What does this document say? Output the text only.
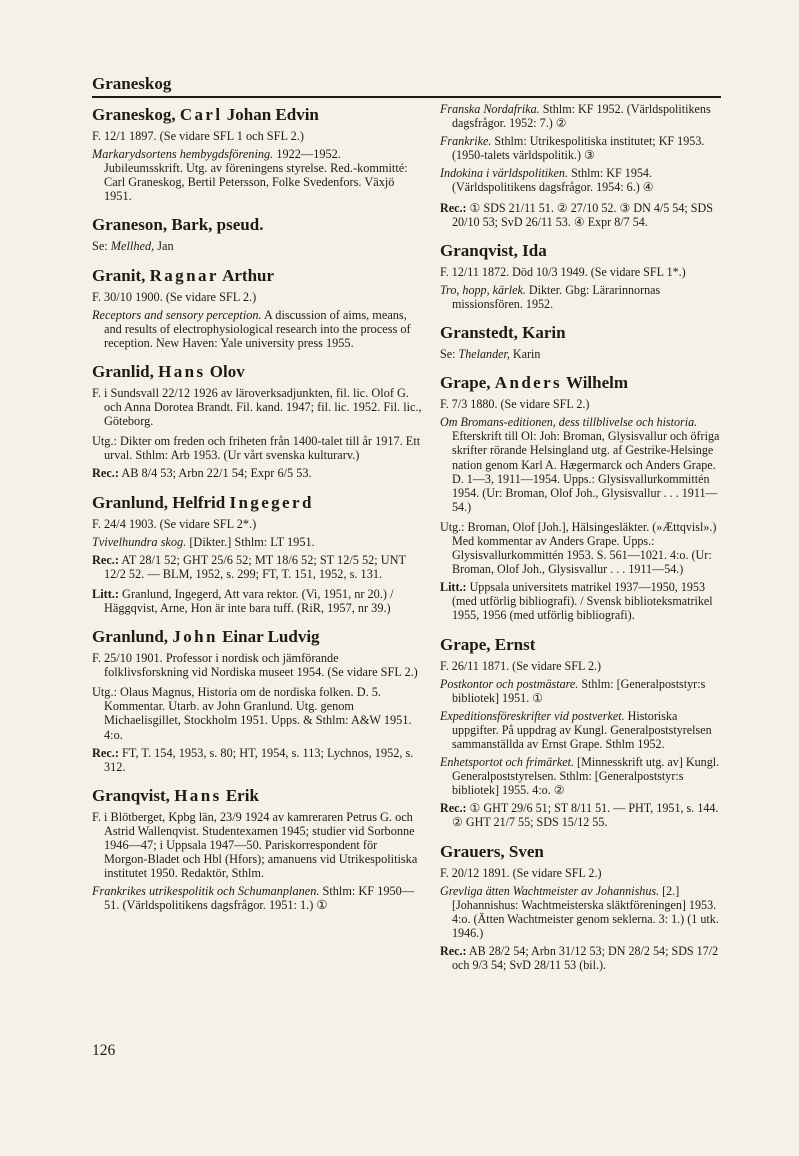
Graneskog
Graneskog, Carl Johan Edvin
F. 12/1 1897. (Se vidare SFL 1 och SFL 2.)
Markarydsortens hembygdsförening. 1922—1952. Jubileumsskrift. Utg. av föreningens styrelse. Red.-kommitté: Carl Graneskog, Bertil Petersson, Folke Svedenfors. Växjö 1951.
Graneson, Bark, pseud.
Se: Mellhed, Jan
Granit, Ragnar Arthur
F. 30/10 1900. (Se vidare SFL 2.)
Receptors and sensory perception. A discussion of aims, means, and results of electrophysiological research into the process of reception. New Haven: Yale university press 1955.
Granlid, Hans Olov
F. i Sundsvall 22/12 1926 av läroverksadjunkten, fil. lic. Olof G. och Anna Dorotea Brandt. Fil. kand. 1947; fil. lic. 1952. Fil. lic., Göteborg.
Utg.: Dikter om freden och friheten från 1400-talet till år 1917. Ett urval. Sthlm: Arb 1953. (Ur vårt svenska kulturarv.)
Rec.: AB 8/4 53; Arbn 22/1 54; Expr 6/5 53.
Granlund, Helfrid Ingegerd
F. 24/4 1903. (Se vidare SFL 2*.)
Tvivelhundra skog. [Dikter.] Sthlm: LT 1951.
Rec.: AT 28/1 52; GHT 25/6 52; MT 18/6 52; ST 12/5 52; UNT 12/2 52. — BLM, 1952, s. 299; FT, T. 151, 1952, s. 131.
Litt.: Granlund, Ingegerd, Att vara rektor. (Vi, 1951, nr 20.) / Häggqvist, Arne, Hon är inte bara tuff. (RiR, 1957, nr 39.)
Granlund, John Einar Ludvig
F. 25/10 1901. Professor i nordisk och jämförande folklivsforskning vid Nordiska museet 1954. (Se vidare SFL 2.)
Utg.: Olaus Magnus, Historia om de nordiska folken. D. 5. Kommentar. Utarb. av John Granlund. Utg. genom Michaelisgillet, Stockholm 1951. Upps. & Sthlm: A&W 1951. 4:o.
Rec.: FT, T. 154, 1953, s. 80; HT, 1954, s. 113; Lychnos, 1952, s. 312.
Granqvist, Hans Erik
F. i Blötberget, Kpbg län, 23/9 1924 av kamreraren Petrus G. och Astrid Wallenqvist. Studentexamen 1945; studier vid Sorbonne 1946—47; i Uppsala 1947—50. Pariskorrespondent för Morgon-Bladet och Hbl (Hfors); amanuens vid Utrikespolitiska institutet 1950. Redaktör, Sthlm.
Frankrikes utrikespolitik och Schumanplanen. Sthlm: KF 1950—51. (Världspolitikens dagsfrågor. 1951: 1.) ①
Franska Nordafrika. Sthlm: KF 1952. (Världspolitikens dagsfrågor. 1952: 7.) ②
Frankrike. Sthlm: Utrikespolitiska institutet; KF 1953. (1950-talets världspolitik.) ③
Indokina i världspolitiken. Sthlm: KF 1954. (Världspolitikens dagsfrågor. 1954: 6.) ④
Rec.: ① SDS 21/11 51. ② 27/10 52. ③ DN 4/5 54; SDS 20/10 53; SvD 26/11 53. ④ Expr 8/7 54.
Granqvist, Ida
F. 12/11 1872. Död 10/3 1949. (Se vidare SFL 1*.)
Tro, hopp, kärlek. Dikter. Gbg: Lärarinnornas missionsfören. 1952.
Granstedt, Karin
Se: Thelander, Karin
Grape, Anders Wilhelm
F. 7/3 1880. (Se vidare SFL 2.)
Om Bromans-editionen, dess tillblivelse och historia. Efterskrift till Ol: Joh: Broman, Glysisvallur och öfriga skrifter rörande Helsingland utg. af Gestrike-Helsinge nation genom Karl A. Hægermarck och Anders Grape. D. 1—3, 1911—1954. Upps.: Glysisvallurkommittén 1954. (Ur: Broman, Olof Joh., Glysisvallur . . . 1911—54.)
Utg.: Broman, Olof [Joh.], Hälsingesläkter. (»Ættqvisl».) Med kommentar av Anders Grape. Upps.: Glysisvallurkommittén 1953. S. 561—1021. 4:o. (Ur: Broman, Olof Joh., Glysisvallur . . . 1911—54.)
Litt.: Uppsala universitets matrikel 1937—1950, 1953 (med utförlig bibliografi). / Svensk biblioteksmatrikel 1955, 1956 (med utförlig bibliografi).
Grape, Ernst
F. 26/11 1871. (Se vidare SFL 2.)
Postkontor och postmästare. Sthlm: [Generalpoststyr:s bibliotek] 1951. ①
Expeditionsföreskrifter vid postverket. Historiska uppgifter. På uppdrag av Kungl. Generalpoststyrelsen sammanställda av Ernst Grape. Sthlm 1952.
Enhetsportot och frimärket. [Minnesskrift utg. av] Kungl. Generalpoststyrelsen. Sthlm: [Generalpoststyr:s bibliotek] 1955. 4:o. ②
Rec.: ① GHT 29/6 51; ST 8/11 51. — PHT, 1951, s. 144. ② GHT 21/7 55; SDS 15/12 55.
Grauers, Sven
F. 20/12 1891. (Se vidare SFL 2.)
Grevliga ätten Wachtmeister av Johannishus. [2.] [Johannishus: Wachtmeisterska släktföreningen] 1953. 4:o. (Ätten Wachtmeister genom seklerna. 3: 1.) (1 utk. 1946.)
Rec.: AB 28/2 54; Arbn 31/12 53; DN 28/2 54; SDS 17/2 och 9/3 54; SvD 28/11 53 (bil.).
126
